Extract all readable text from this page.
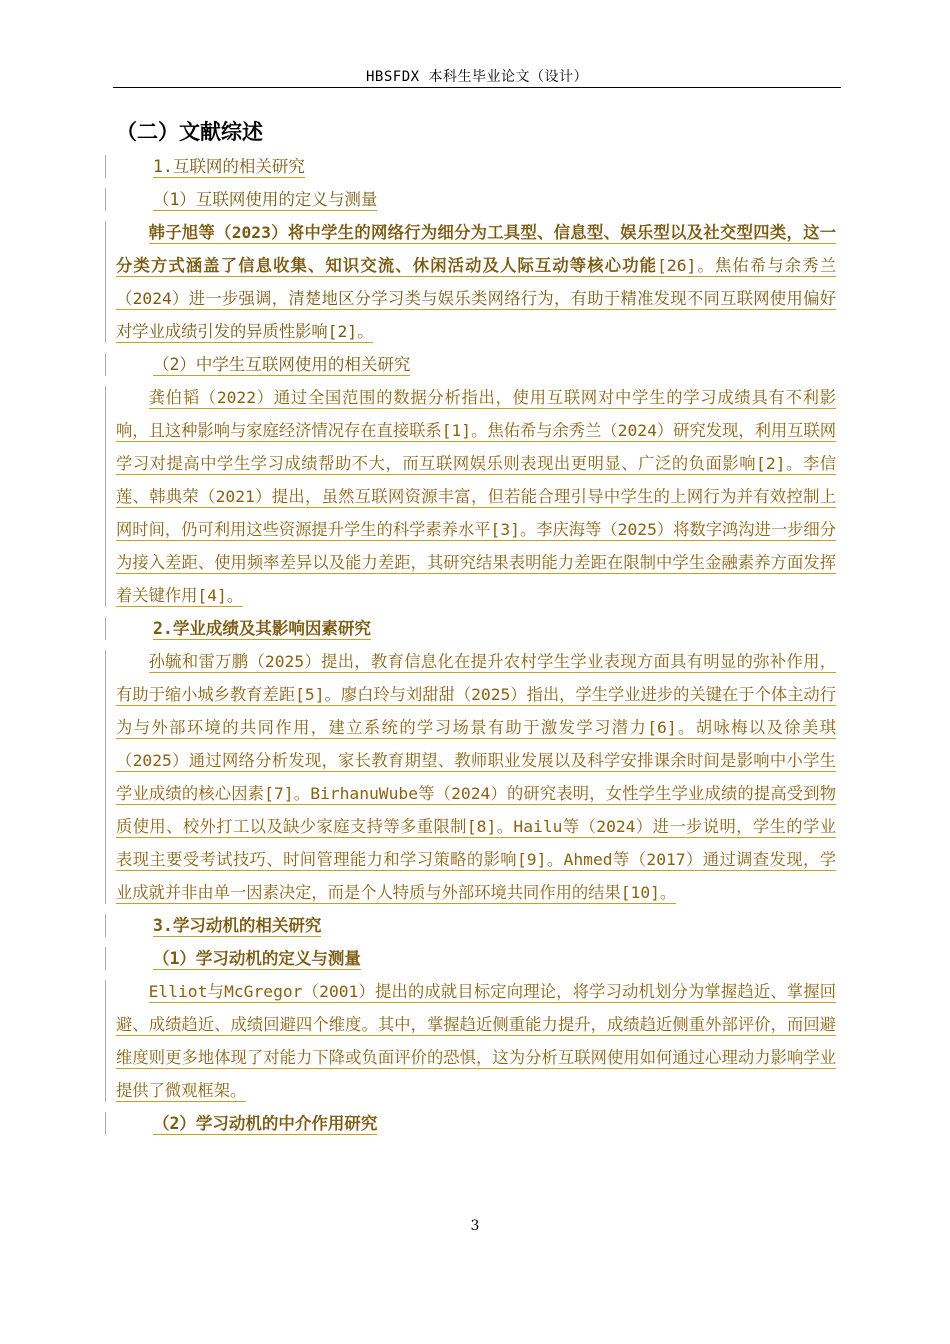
HBSFDX 本科生毕业论文（设计）
（二）文献综述
1.互联网的相关研究
（1）互联网使用的定义与测量

韩子旭等（2023）将中学生的网络行为细分为工具型、信息型、娱乐型以及社交型四类，这一分类方式涵盖了信息收集、知识交流、休闲活动及人际互动等核心功能[26]。焦佑希与余秀兰（2024）进一步强调，清楚地区分学习类与娱乐类网络行为，有助于精准发现不同互联网使用偏好对学业成绩引发的异质性影响[2]。

（2）中学生互联网使用的相关研究

龚伯韬（2022）通过全国范围的数据分析指出，使用互联网对中学生的学习成绩具有不利影响，且这种影响与家庭经济情况存在直接联系[1]。焦佑希与余秀兰（2024）研究发现，利用互联网学习对提高中学生学习成绩帮助不大，而互联网娱乐则表现出更明显、广泛的负面影响[2]。李信莲、韩典荣（2021）提出，虽然互联网资源丰富，但若能合理引导中学生的上网行为并有效控制上网时间，仍可利用这些资源提升学生的科学素养水平[3]。李庆海等（2025）将数字鸿沟进一步细分为接入差距、使用频率差异以及能力差距，其研究结果表明能力差距在限制中学生金融素养方面发挥着关键作用[4]。

2.学业成绩及其影响因素研究

孙毓和雷万鹏（2025）提出，教育信息化在提升农村学生学业表现方面具有明显的弥补作用，有助于缩小城乡教育差距[5]。廖白玲与刘甜甜（2025）指出，学生学业进步的关键在于个体主动行为与外部环境的共同作用，建立系统的学习场景有助于激发学习潜力[6]。胡咏梅以及徐美琪（2025）通过网络分析发现，家长教育期望、教师职业发展以及科学安排课余时间是影响中小学生学业成绩的核心因素[7]。BirhanuWube等（2024）的研究表明，女性学生学业成绩的提高受到物质使用、校外打工以及缺少家庭支持等多重限制[8]。Hailu等（2024）进一步说明，学生的学业表现主要受考试技巧、时间管理能力和学习策略的影响[9]。Ahmed等（2017）通过调查发现，学业成就并非由单一因素决定，而是个人特质与外部环境共同作用的结果[10]。

3.学习动机的相关研究
（1）学习动机的定义与测量

Elliot与McGregor（2001）提出的成就目标定向理论，将学习动机划分为掌握趋近、掌握回避、成绩趋近、成绩回避四个维度。其中，掌握趋近侧重能力提升，成绩趋近侧重外部评价，而回避维度则更多地体现了对能力下降或负面评价的恐惧，这为分析互联网使用如何通过心理动力影响学业提供了微观框架。

（2）学习动机的中介作用研究
3
